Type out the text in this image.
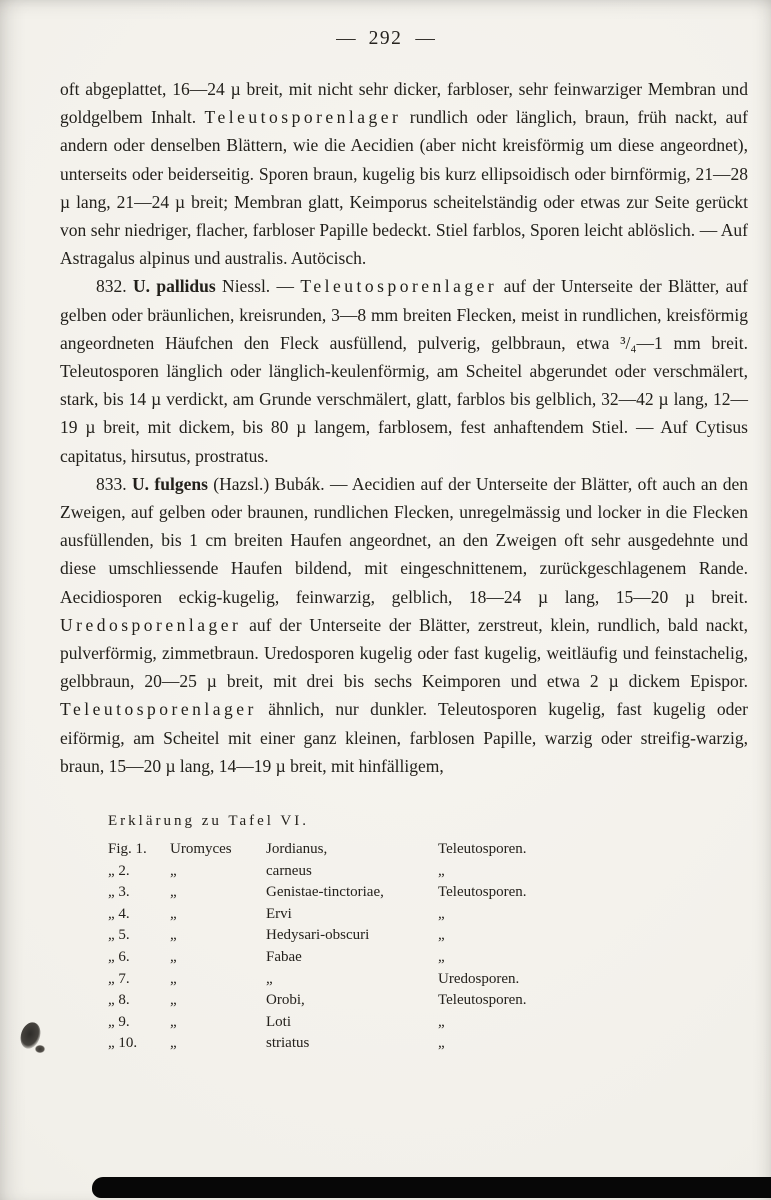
— 292 —

oft abgeplattet, 16—24 µ breit, mit nicht sehr dicker, farbloser, sehr feinwarziger Membran und goldgelbem Inhalt. Teleutosporenlager rundlich oder länglich, braun, früh nackt, auf andern oder denselben Blättern, wie die Aecidien (aber nicht kreisförmig um diese angeordnet), unterseits oder beiderseitig. Sporen braun, kugelig bis kurz ellipsoidisch oder birnförmig, 21—28 µ lang, 21—24 µ breit; Membran glatt, Keimporus scheitelständig oder etwas zur Seite gerückt von sehr niedriger, flacher, farbloser Papille bedeckt. Stiel farblos, Sporen leicht ablöslich. — Auf Astragalus alpinus und australis. Autöcisch.

832. U. pallidus Niessl. — Teleutosporenlager auf der Unterseite der Blätter, auf gelben oder bräunlichen, kreisrunden, 3—8 mm breiten Flecken, meist in rundlichen, kreisförmig angeordneten Häufchen den Fleck ausfüllend, pulverig, gelbbraun, etwa ³/₄—1 mm breit. Teleutosporen länglich oder länglich-keulenförmig, am Scheitel abgerundet oder verschmälert, stark, bis 14 µ verdickt, am Grunde verschmälert, glatt, farblos bis gelblich, 32—42 µ lang, 12—19 µ breit, mit dickem, bis 80 µ langem, farblosem, fest anhaftendem Stiel. — Auf Cytisus capitatus, hirsutus, prostratus.

833. U. fulgens (Hazsl.) Bubák. — Aecidien auf der Unterseite der Blätter, oft auch an den Zweigen, auf gelben oder braunen, rundlichen Flecken, unregelmässig und locker in die Flecken ausfüllenden, bis 1 cm breiten Haufen angeordnet, an den Zweigen oft sehr ausgedehnte und diese umschliessende Haufen bildend, mit eingeschnittenem, zurückgeschlagenem Rande. Aecidiosporen eckig-kugelig, feinwarzig, gelblich, 18—24 µ lang, 15—20 µ breit. Uredosporenlager auf der Unterseite der Blätter, zerstreut, klein, rundlich, bald nackt, pulverförmig, zimmetbraun. Uredosporen kugelig oder fast kugelig, weitläufig und feinstachelig, gelbbraun, 20—25 µ breit, mit drei bis sechs Keimporen und etwa 2 µ dickem Epispor. Teleutosporenlager ähnlich, nur dunkler. Teleutosporen kugelig, fast kugelig oder eiförmig, am Scheitel mit einer ganz kleinen, farblosen Papille, warzig oder streifig-warzig, braun, 15—20 µ lang, 14—19 µ breit, mit hinfälligem,

Erklärung zu Tafel VI.
Fig. 1.	Uromyces	Jordianus,	Teleutosporen.
„ 2.	„	carneus	„
„ 3.	„	Genistae-tinctoriae,	Teleutosporen.
„ 4.	„	Ervi	„
„ 5.	„	Hedysari-obscuri	„
„ 6.	„	Fabae	„
„ 7.	„	„	Uredosporen.
„ 8.	„	Orobi,	Teleutosporen.
„ 9.	„	Loti	„
„ 10.	„	striatus	„
